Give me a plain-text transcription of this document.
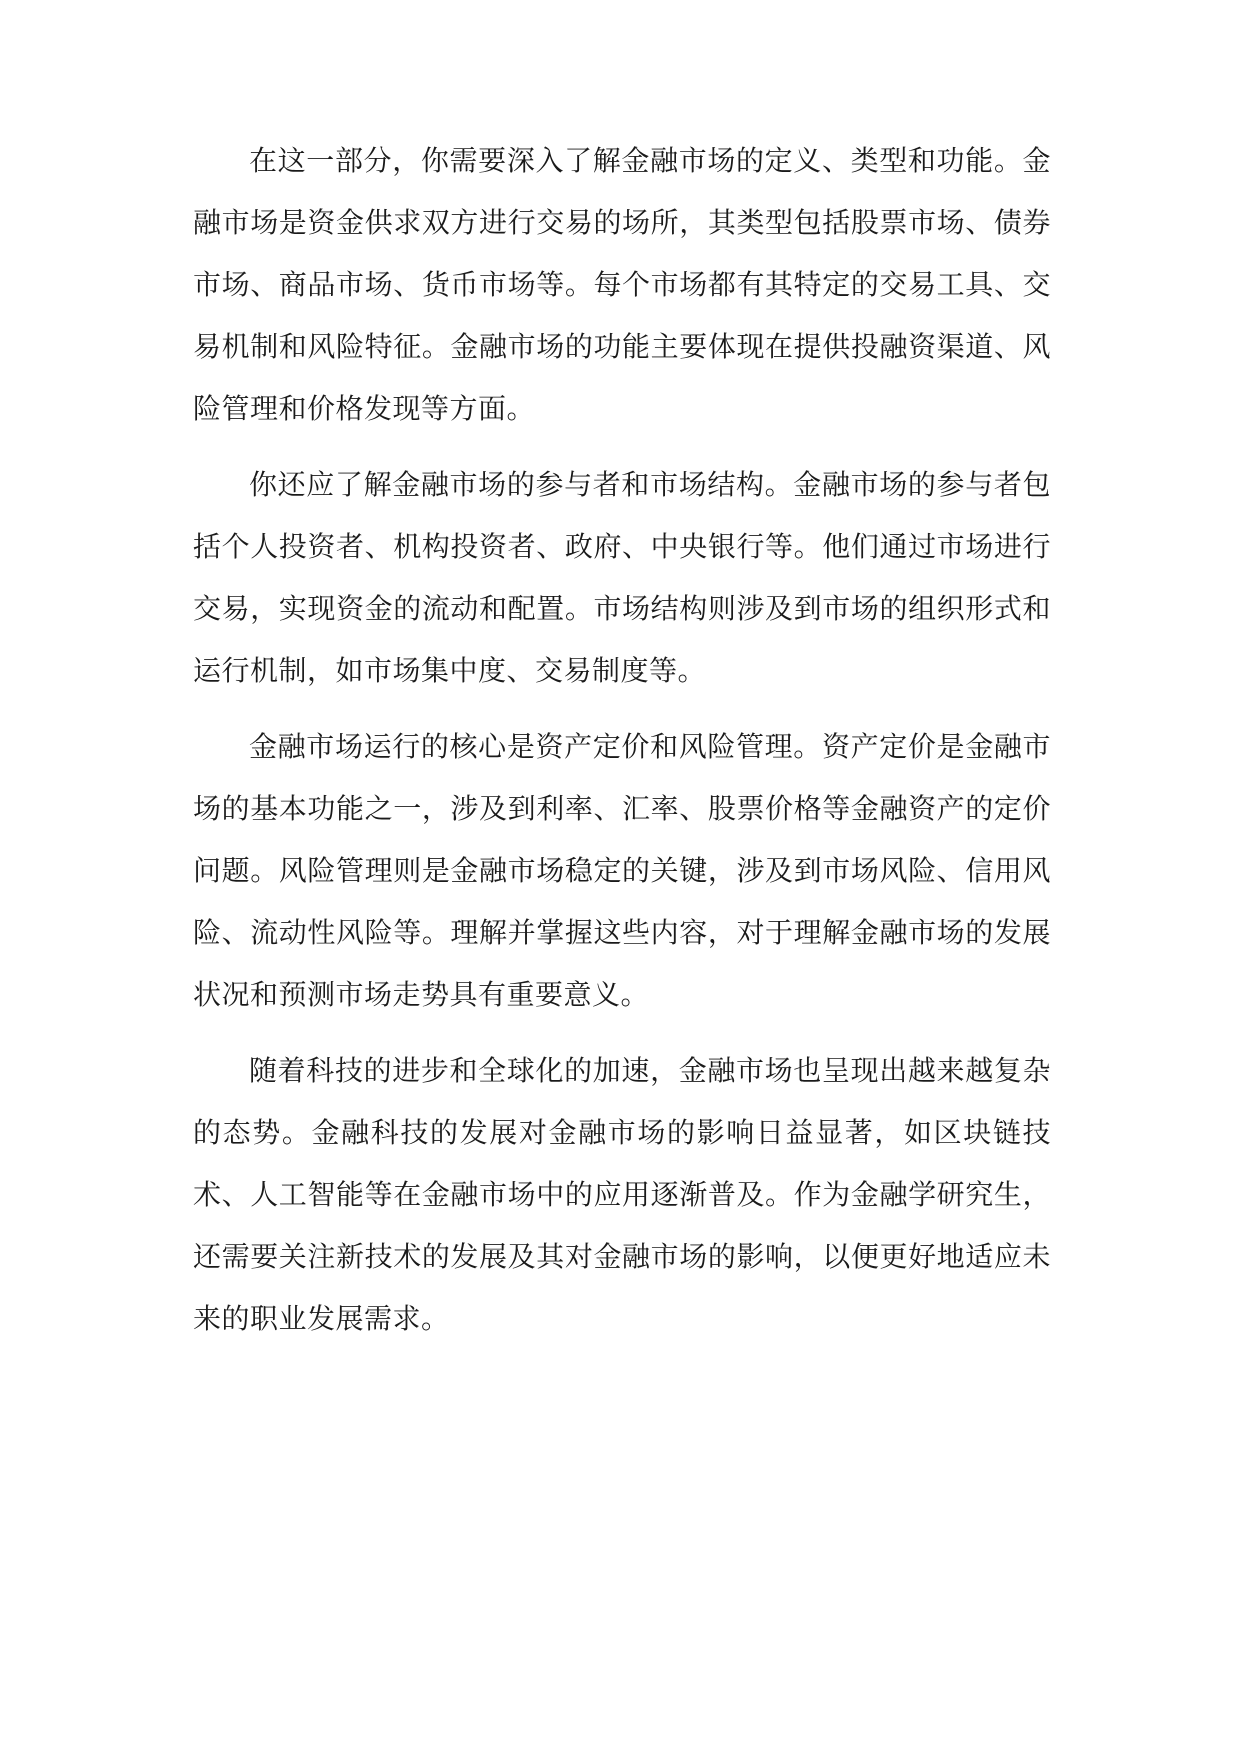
在这一部分，你需要深入了解金融市场的定义、类型和功能。金融市场是资金供求双方进行交易的场所，其类型包括股票市场、债券市场、商品市场、货币市场等。每个市场都有其特定的交易工具、交易机制和风险特征。金融市场的功能主要体现在提供投融资渠道、风险管理和价格发现等方面。

你还应了解金融市场的参与者和市场结构。金融市场的参与者包括个人投资者、机构投资者、政府、中央银行等。他们通过市场进行交易，实现资金的流动和配置。市场结构则涉及到市场的组织形式和运行机制，如市场集中度、交易制度等。

金融市场运行的核心是资产定价和风险管理。资产定价是金融市场的基本功能之一，涉及到利率、汇率、股票价格等金融资产的定价问题。风险管理则是金融市场稳定的关键，涉及到市场风险、信用风险、流动性风险等。理解并掌握这些内容，对于理解金融市场的发展状况和预测市场走势具有重要意义。

随着科技的进步和全球化的加速，金融市场也呈现出越来越复杂的态势。金融科技的发展对金融市场的影响日益显著，如区块链技术、人工智能等在金融市场中的应用逐渐普及。作为金融学研究生，还需要关注新技术的发展及其对金融市场的影响，以便更好地适应未来的职业发展需求。
